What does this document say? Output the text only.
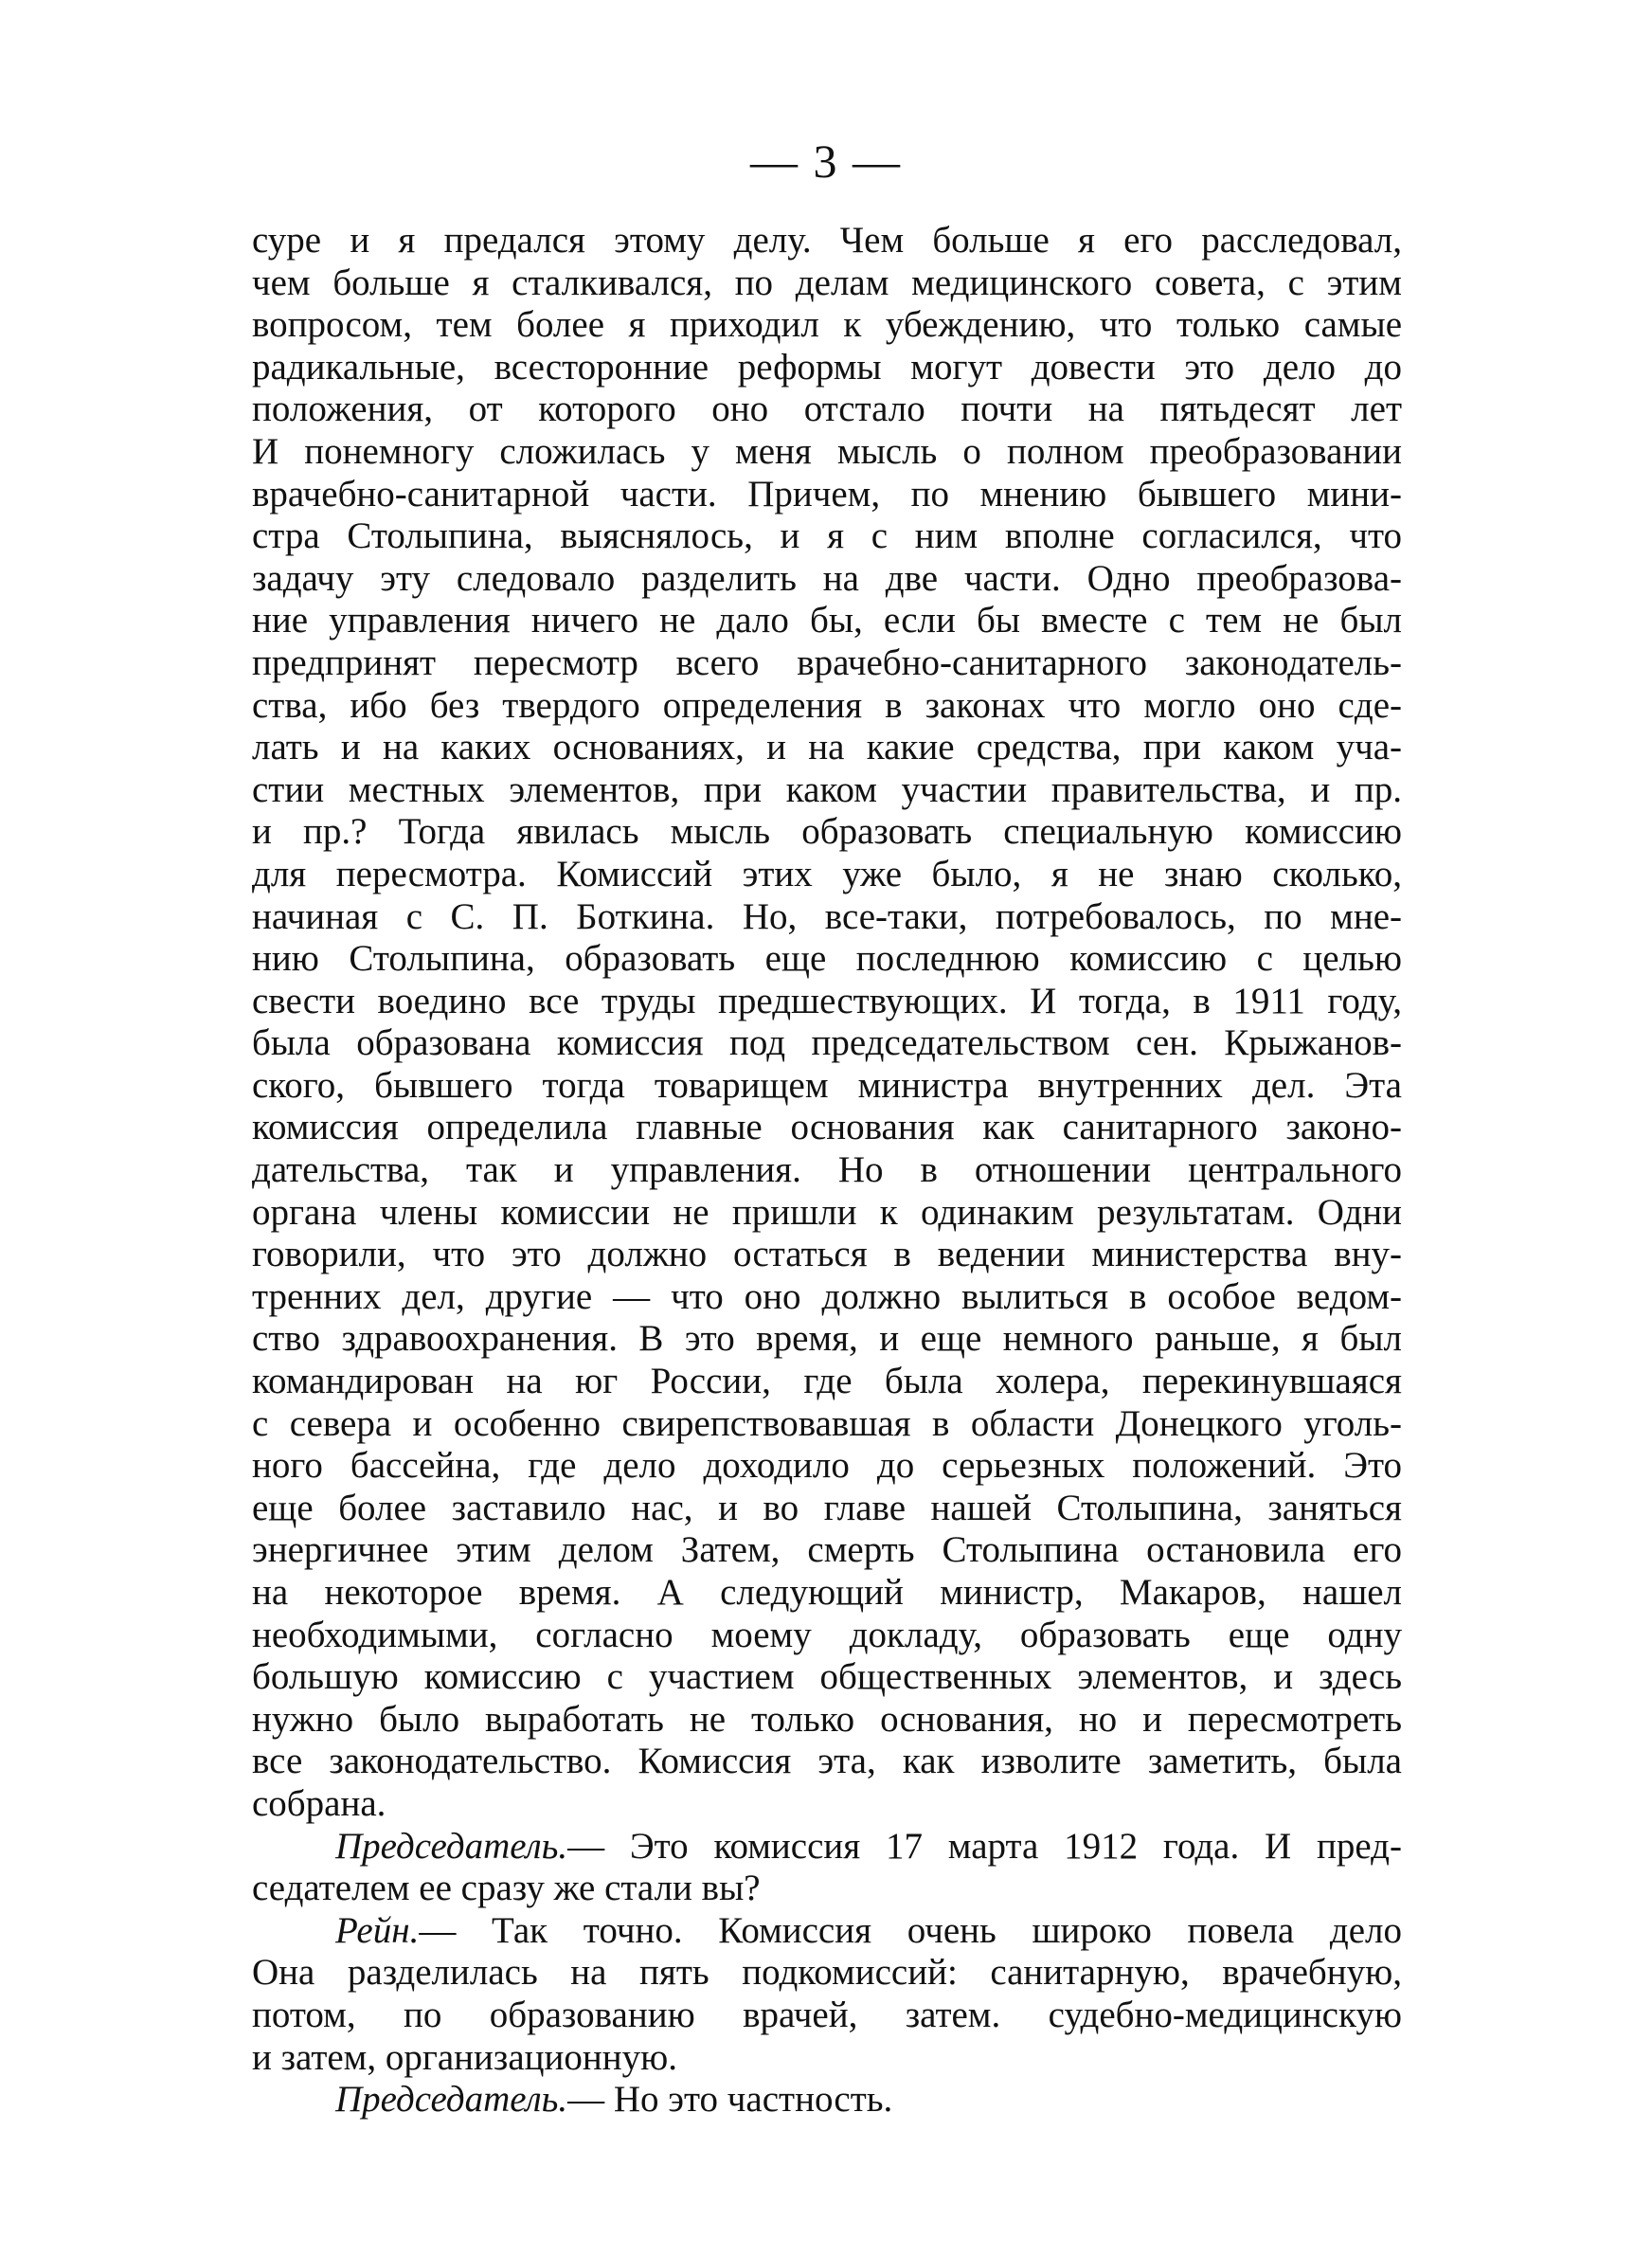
— 3 —
суре и я предался этому делу. Чем больше я его расследовал,
чем больше я сталкивался, по делам медицинского совета, с этим
вопросом, тем более я приходил к убеждению, что только самые
радикальные, всесторонние реформы могут довести это дело до
положения, от которого оно отстало почти на пятьдесят лет
И понемногу сложилась у меня мысль о полном преобразовании
врачебно-санитарной части. Причем, по мнению бывшего мини-
стра Столыпина, выяснялось, и я с ним вполне согласился, что
задачу эту следовало разделить на две части. Одно преобразова-
ние управления ничего не дало бы, если бы вместе с тем не был
предпринят пересмотр всего врачебно-санитарного законодатель-
ства, ибо без твердого определения в законах что могло оно сде-
лать и на каких основаниях, и на какие средства, при каком уча-
стии местных элементов, при каком участии правительства, и пр.
и пр.? Тогда явилась мысль образовать специальную комиссию
для пересмотра. Комиссий этих уже было, я не знаю сколько,
начиная с С. П. Боткина. Но, все-таки, потребовалось, по мне-
нию Столыпина, образовать еще последнюю комиссию с целью
свести воедино все труды предшествующих. И тогда, в 1911 году,
была образована комиссия под председательством сен. Крыжанов-
ского, бывшего тогда товарищем министра внутренних дел. Эта
комиссия определила главные основания как санитарного законо-
дательства, так и управления. Но в отношении центрального
органа члены комиссии не пришли к одинаким результатам. Одни
говорили, что это должно остаться в ведении министерства вну-
тренних дел, другие — что оно должно вылиться в особое ведом-
ство здравоохранения. В это время, и еще немного раньше, я был
командирован на юг России, где была холера, перекинувшаяся
с севера и особенно свирепствовавшая в области Донецкого уголь-
ного бассейна, где дело доходило до серьезных положений. Это
еще более заставило нас, и во главе нашей Столыпина, заняться
энергичнее этим делом Затем, смерть Столыпина остановила его
на некоторое время. А следующий министр, Макаров, нашел
необходимыми, согласно моему докладу, образовать еще одну
большую комиссию с участием общественных элементов, и здесь
нужно было выработать не только основания, но и пересмотреть
все законодательство. Комиссия эта, как изволите заметить, была
собрана.
Председатель.— Это комиссия 17 марта 1912 года. И пред-
седателем ее сразу же стали вы?
Рейн.— Так точно. Комиссия очень широко повела дело
Она разделилась на пять подкомиссий: санитарную, врачебную,
потом, по образованию врачей, затем. судебно-медицинскую
и затем, организационную.
Председатель.— Но это частность.
